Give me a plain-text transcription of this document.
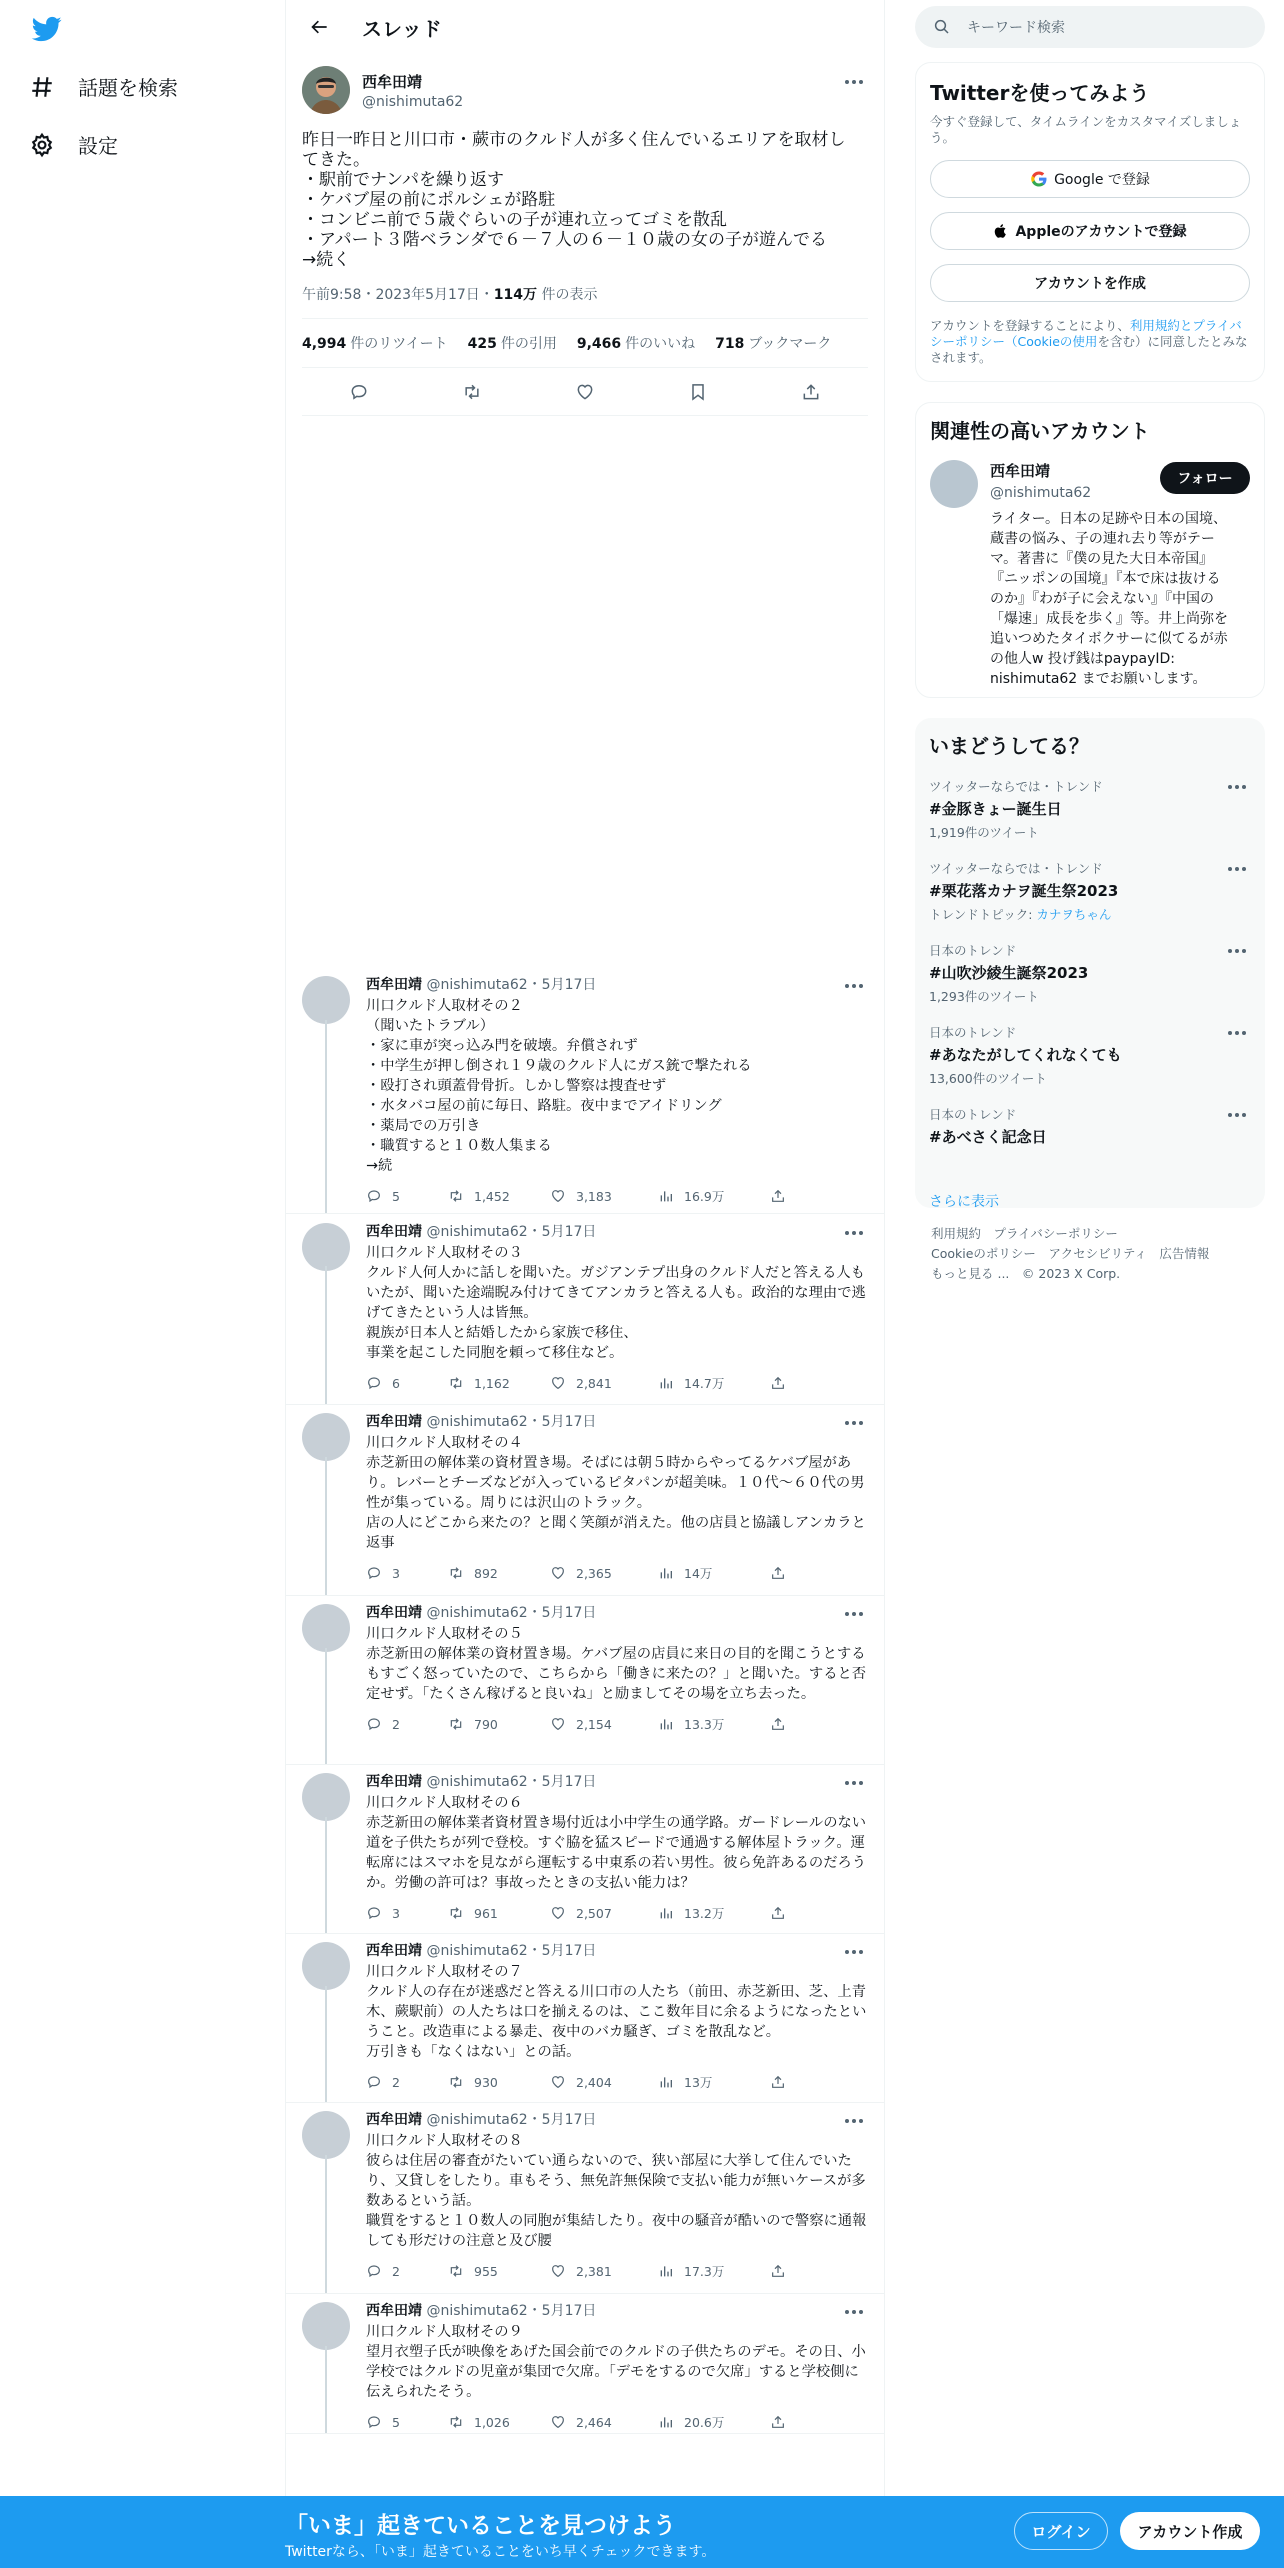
話題を検索
設定
スレッド
西牟田靖
@nishimuta62
昨日一昨日と川口市・蕨市のクルド人が多く住んでいるエリアを取材してきた。
・駅前でナンパを繰り返す
・ケバブ屋の前にポルシェが路駐
・コンビニ前で５歳ぐらいの子が連れ立ってゴミを散乱
・アパート３階ベランダで６－７人の６－１０歳の女の子が遊んでる
→続く
午前9:58・2023年5月17日・114万 件の表示
4,994 件のリツイート 425 件の引用 9,466 件のいいね 718 ブックマーク
西牟田靖 @nishimuta62・5月17日
川口クルド人取材その２
（聞いたトラブル）
・家に車が突っ込み門を破壊。弁償されず
・中学生が押し倒され１９歳のクルド人にガス銃で撃たれる
・殴打され頭蓋骨骨折。しかし警察は捜査せず
・水タバコ屋の前に毎日、路駐。夜中までアイドリング
・薬局での万引き
・職質すると１０数人集まる
→続
5	1,452	3,183	16.9万
西牟田靖 @nishimuta62・5月17日
川口クルド人取材その３
クルド人何人かに話しを聞いた。ガジアンテプ出身のクルド人だと答える人もいたが、聞いた途端睨み付けてきてアンカラと答える人も。政治的な理由で逃げてきたという人は皆無。
親族が日本人と結婚したから家族で移住、
事業を起こした同胞を頼って移住など。
6	1,162	2,841	14.7万
西牟田靖 @nishimuta62・5月17日
川口クルド人取材その４
赤芝新田の解体業の資材置き場。そばには朝５時からやってるケバブ屋があり。レバーとチーズなどが入っているピタパンが超美味。１０代～６０代の男性が集っている。周りには沢山のトラック。
店の人にどこから来たの？と聞く笑顔が消えた。他の店員と協議しアンカラと返事
3	892	2,365	14万
西牟田靖 @nishimuta62・5月17日
川口クルド人取材その５
赤芝新田の解体業の資材置き場。ケバブ屋の店員に来日の目的を聞こうとするもすごく怒っていたので、こちらから「働きに来たの？」と聞いた。すると否定せず。「たくさん稼げると良いね」と励ましてその場を立ち去った。
2	790	2,154	13.3万
西牟田靖 @nishimuta62・5月17日
川口クルド人取材その６
赤芝新田の解体業者資材置き場付近は小中学生の通学路。ガードレールのない道を子供たちが列で登校。すぐ脇を猛スピードで通過する解体屋トラック。運転席にはスマホを見ながら運転する中東系の若い男性。彼ら免許あるのだろうか。労働の許可は？事故ったときの支払い能力は？
3	961	2,507	13.2万
西牟田靖 @nishimuta62・5月17日
川口クルド人取材その７
クルド人の存在が迷惑だと答える川口市の人たち（前田、赤芝新田、芝、上青木、蕨駅前）の人たちは口を揃えるのは、ここ数年目に余るようになったということ。改造車による暴走、夜中のバカ騒ぎ、ゴミを散乱など。
万引きも「なくはない」との話。
2	930	2,404	13万
西牟田靖 @nishimuta62・5月17日
川口クルド人取材その８
彼らは住居の審査がたいてい通らないので、狭い部屋に大挙して住んでいたり、又貸しをしたり。車もそう、無免許無保険で支払い能力が無いケースが多数あるという話。
職質をすると１０数人の同胞が集結したり。夜中の騒音が酷いので警察に通報しても形だけの注意と及び腰
2	955	2,381	17.3万
西牟田靖 @nishimuta62・5月17日
川口クルド人取材その９
望月衣塑子氏が映像をあげた国会前でのクルドの子供たちのデモ。その日、小学校ではクルドの児童が集団で欠席。「デモをするので欠席」すると学校側に伝えられたそう。
5	1,026	2,464	20.6万
キーワード検索
Twitterを使ってみよう
今すぐ登録して、タイムラインをカスタマイズしましょう。
Google で登録
Appleのアカウントで登録
アカウントを作成
アカウントを登録することにより、利用規約とプライバシーポリシー（Cookieの使用を含む）に同意したとみなされます。
関連性の高いアカウント
西牟田靖
@nishimuta62
ライター。日本の足跡や日本の国境、蔵書の悩み、子の連れ去り等がテーマ。著書に『僕の見た大日本帝国』『ニッポンの国境』『本で床は抜けるのか』『わが子に会えない』『中国の「爆速」成長を歩く』等。井上尚弥を追いつめたタイボクサーに似てるが赤の他人w 投げ銭はpaypayID: nishimuta62 までお願いします。
フォロー
いまどうしてる？
ツイッターならでは・トレンド
#金豚きょー誕生日
1,919件のツイート
ツイッターならでは・トレンド
#栗花落カナヲ誕生祭2023
トレンドトピック: カナヲちゃん
日本のトレンド
#山吹沙綾生誕祭2023
1,293件のツイート
日本のトレンド
#あなたがしてくれなくても
13,600件のツイート
日本のトレンド
#あべさく記念日
さらに表示
利用規約　 プライバシーポリシー
Cookieのポリシー　 アクセシビリティ　 広告情報
もっと見る ...　 © 2023 X Corp.
「いま」起きていることを見つけよう
Twitterなら、「いま」起きていることをいち早くチェックできます。
ログイン	アカウント作成
